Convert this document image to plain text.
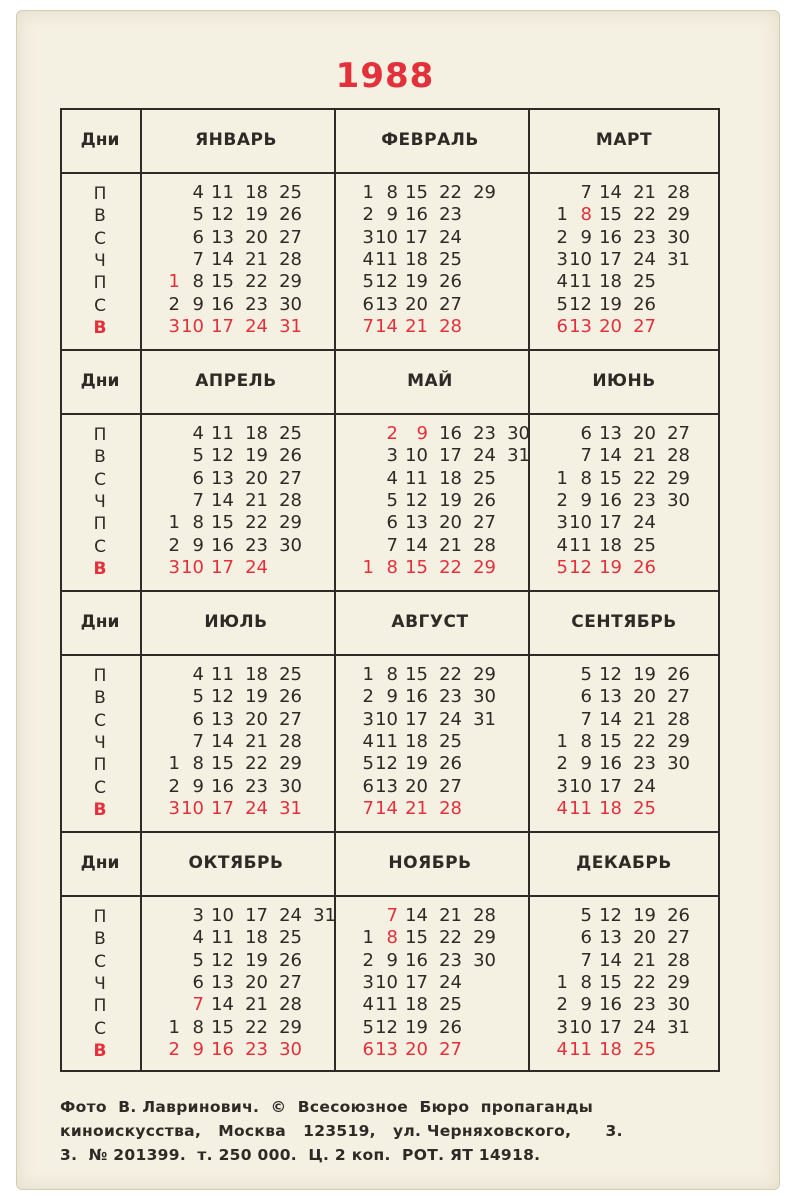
1988
Дни
П
В
С
Ч
П
С
В
ЯНВАРЬ
1
2
3
4
5
6
7
8
9
10
11
12
13
14
15
16
17
18
19
20
21
22
23
24
25
26
27
28
29
30
31
ФЕВРАЛЬ
1
2
3
4
5
6
7
8
9
10
11
12
13
14
15
16
17
18
19
20
21
22
23
24
25
26
27
28
29
МАРТ
1
2
3
4
5
6
7
8
9
10
11
12
13
14
15
16
17
18
19
20
21
22
23
24
25
26
27
28
29
30
31
Дни
П
В
С
Ч
П
С
В
АПРЕЛЬ
1
2
3
4
5
6
7
8
9
10
11
12
13
14
15
16
17
18
19
20
21
22
23
24
25
26
27
28
29
30
МАЙ
1
2
3
4
5
6
7
8
9
10
11
12
13
14
15
16
17
18
19
20
21
22
23
24
25
26
27
28
29
30
31
ИЮНЬ
1
2
3
4
5
6
7
8
9
10
11
12
13
14
15
16
17
18
19
20
21
22
23
24
25
26
27
28
29
30
Дни
П
В
С
Ч
П
С
В
ИЮЛЬ
1
2
3
4
5
6
7
8
9
10
11
12
13
14
15
16
17
18
19
20
21
22
23
24
25
26
27
28
29
30
31
АВГУСТ
1
2
3
4
5
6
7
8
9
10
11
12
13
14
15
16
17
18
19
20
21
22
23
24
25
26
27
28
29
30
31
СЕНТЯБРЬ
1
2
3
4
5
6
7
8
9
10
11
12
13
14
15
16
17
18
19
20
21
22
23
24
25
26
27
28
29
30
Дни
П
В
С
Ч
П
С
В
ОКТЯБРЬ
1
2
3
4
5
6
7
8
9
10
11
12
13
14
15
16
17
18
19
20
21
22
23
24
25
26
27
28
29
30
31
НОЯБРЬ
1
2
3
4
5
6
7
8
9
10
11
12
13
14
15
16
17
18
19
20
21
22
23
24
25
26
27
28
29
30
ДЕКАБРЬ
1
2
3
4
5
6
7
8
9
10
11
12
13
14
15
16
17
18
19
20
21
22
23
24
25
26
27
28
29
30
31
Фото  В. Лавринович.  ©  Всесоюзное  Бюро  пропаганды
киноискусства,   Москва   123519,   ул. Черняховского,      3.
3.  № 201399.  т. 250 000.  Ц. 2 коп.  РОТ. ЯТ 14918.
